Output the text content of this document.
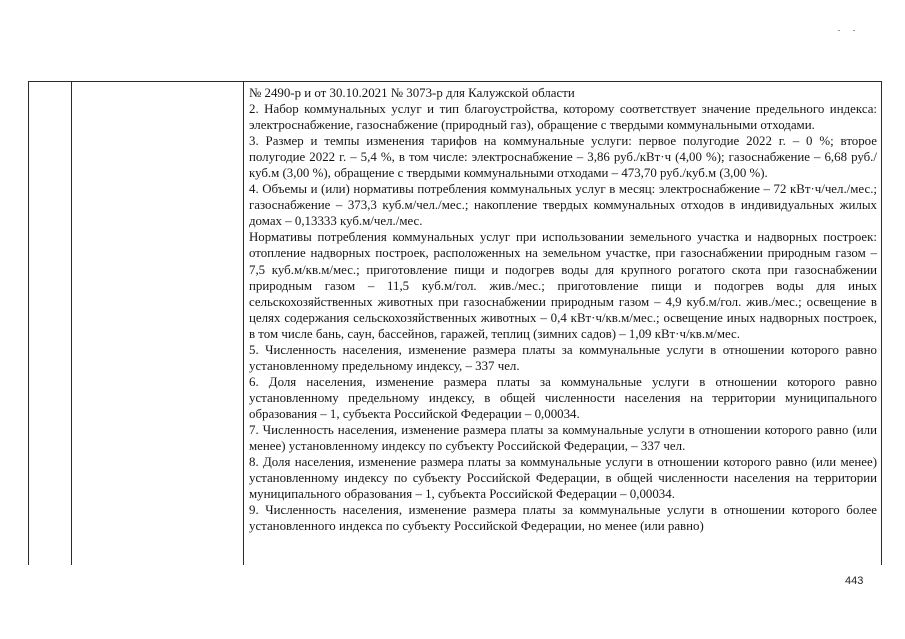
№ 2490-р и от 30.10.2021 № 3073-р для Калужской области

2. Набор коммунальных услуг и тип благоустройства, которому соответствует значение предельного индекса: электроснабжение, газоснабжение (природный газ), обращение с твердыми коммунальными отходами.

3. Размер и темпы изменения тарифов на коммунальные услуги: первое полугодие 2022 г. – 0 %; второе полугодие 2022 г. – 5,4 %, в том числе: электроснабжение – 3,86 руб./кВт·ч (4,00 %); газоснабжение – 6,68 руб./куб.м (3,00 %), обращение с твердыми коммунальными отходами – 473,70 руб./куб.м (3,00 %).

4. Объемы и (или) нормативы потребления коммунальных услуг в месяц: электроснабжение – 72 кВт·ч/чел./мес.; газоснабжение – 373,3 куб.м/чел./мес.; накопление твердых коммунальных отходов в индивидуальных жилых домах – 0,13333 куб.м/чел./мес.

Нормативы потребления коммунальных услуг при использовании земельного участка и надворных построек: отопление надворных построек, расположенных на земельном участке, при газоснабжении природным газом – 7,5 куб.м/кв.м/мес.; приготовление пищи и подогрев воды для крупного рогатого скота при газоснабжении природным газом – 11,5 куб.м/гол. жив./мес.; приготовление пищи и подогрев воды для иных сельскохозяйственных животных при газоснабжении природным газом – 4,9 куб.м/гол. жив./мес.; освещение в целях содержания сельскохозяйственных животных – 0,4 кВт·ч/кв.м/мес.; освещение иных надворных построек, в том числе бань, саун, бассейнов, гаражей, теплиц (зимних садов) – 1,09 кВт·ч/кв.м/мес.

5. Численность населения, изменение размера платы за коммунальные услуги в отношении которого равно установленному предельному индексу, – 337 чел.

6. Доля населения, изменение размера платы за коммунальные услуги в отношении которого равно установленному предельному индексу, в общей численности населения на территории муниципального образования – 1, субъекта Российской Федерации – 0,00034.

7. Численность населения, изменение размера платы за коммунальные услуги в отношении которого равно (или менее) установленному индексу по субъекту Российской Федерации, – 337 чел.

8. Доля населения, изменение размера платы за коммунальные услуги в отношении которого равно (или менее) установленному индексу по субъекту Российской Федерации, в общей численности населения на территории муниципального образования – 1, субъекта Российской Федерации – 0,00034.

9. Численность населения, изменение размера платы за коммунальные услуги в отношении которого более установленного индекса по субъекту Российской Федерации, но менее (или равно)

443
